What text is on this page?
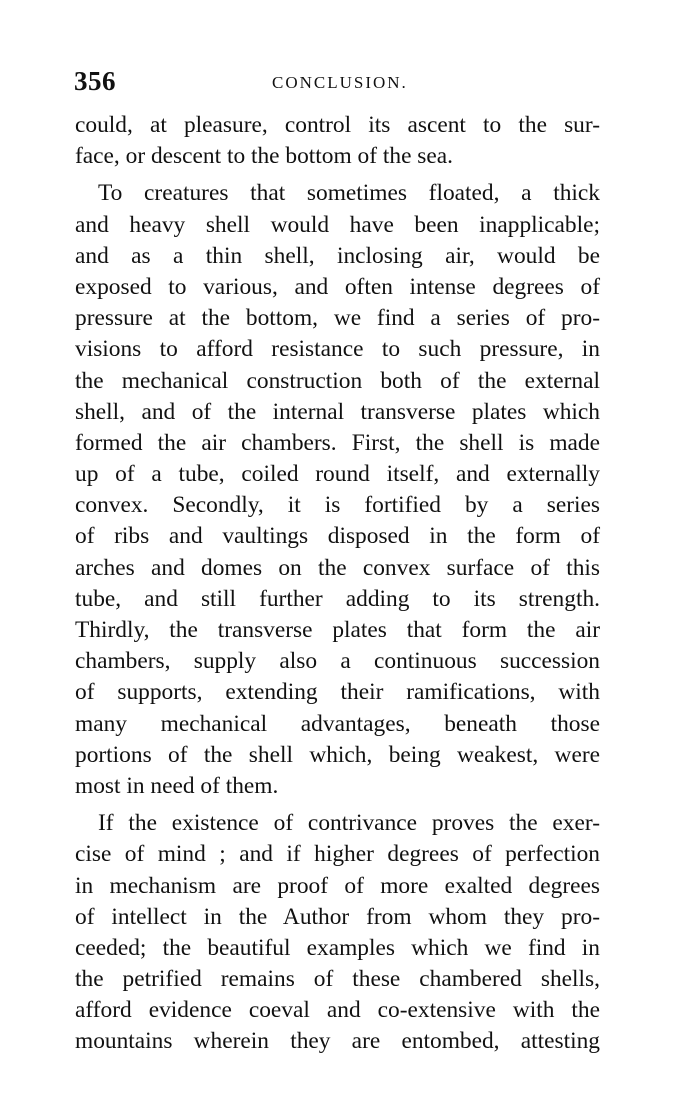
356	CONCLUSION.
could, at pleasure, control its ascent to the sur-
face, or descent to the bottom of the sea.
To creatures that sometimes floated, a thick
and heavy shell would have been inapplicable;
and as a thin shell, inclosing air, would be
exposed to various, and often intense degrees of
pressure at the bottom, we find a series of pro-
visions to afford resistance to such pressure, in
the mechanical construction both of the external
shell, and of the internal transverse plates which
formed the air chambers. First, the shell is made
up of a tube, coiled round itself, and externally
convex. Secondly, it is fortified by a series
of ribs and vaultings disposed in the form of
arches and domes on the convex surface of this
tube, and still further adding to its strength.
Thirdly, the transverse plates that form the air
chambers, supply also a continuous succession
of supports, extending their ramifications, with
many mechanical advantages, beneath those
portions of the shell which, being weakest, were
most in need of them.
If the existence of contrivance proves the exer-
cise of mind ; and if higher degrees of perfection
in mechanism are proof of more exalted degrees
of intellect in the Author from whom they pro-
ceeded; the beautiful examples which we find in
the petrified remains of these chambered shells,
afford evidence coeval and co-extensive with the
mountains wherein they are entombed, attesting
